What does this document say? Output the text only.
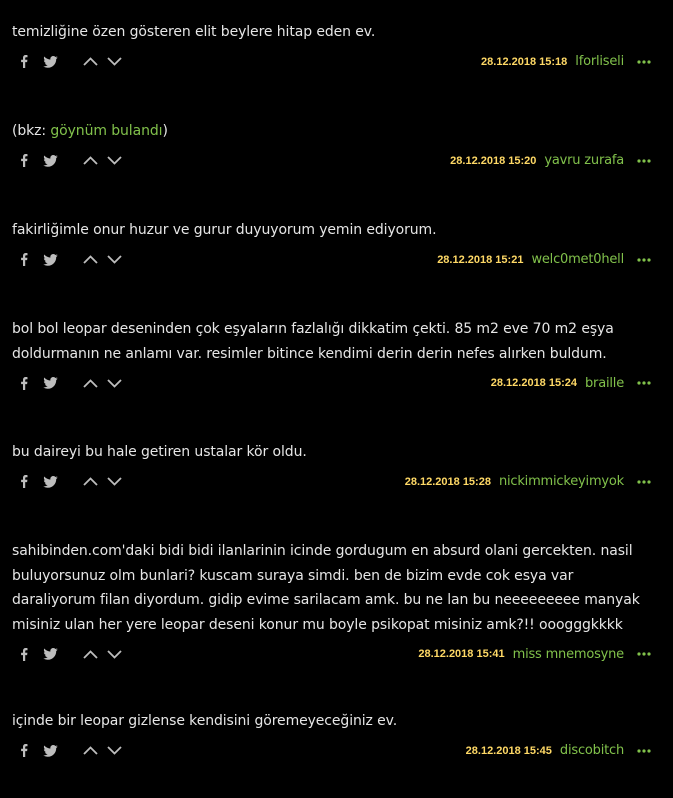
temizliğine özen gösteren elit beylere hitap eden ev.
28.12.2018 15:18 lforliseli
(bkz: göynüm bulandı)
28.12.2018 15:20 yavru zurafa
fakirliğimle onur huzur ve gurur duyuyorum yemin ediyorum.
28.12.2018 15:21 welc0met0hell
bol bol leopar deseninden çok eşyaların fazlalığı dikkatim çekti. 85 m2 eve 70 m2 eşya doldurmanın ne anlamı var. resimler bitince kendimi derin derin nefes alırken buldum.
28.12.2018 15:24 braille
bu daireyi bu hale getiren ustalar kör oldu.
28.12.2018 15:28 nickimmickeyimyok
sahibinden.com'daki bidi bidi ilanlarinin icinde gordugum en absurd olani gercekten. nasil buluyorsunuz olm bunlari? kuscam suraya simdi. ben de bizim evde cok esya var daraliyorum filan diyordum. gidip evime sarilacam amk. bu ne lan bu neeeeeeeee manyak misiniz ulan her yere leopar deseni konur mu boyle psikopat misiniz amk?!! ooogggkkkk
28.12.2018 15:41 miss mnemosyne
içinde bir leopar gizlense kendisini göremeyeceğiniz ev.
28.12.2018 15:45 discobitch
